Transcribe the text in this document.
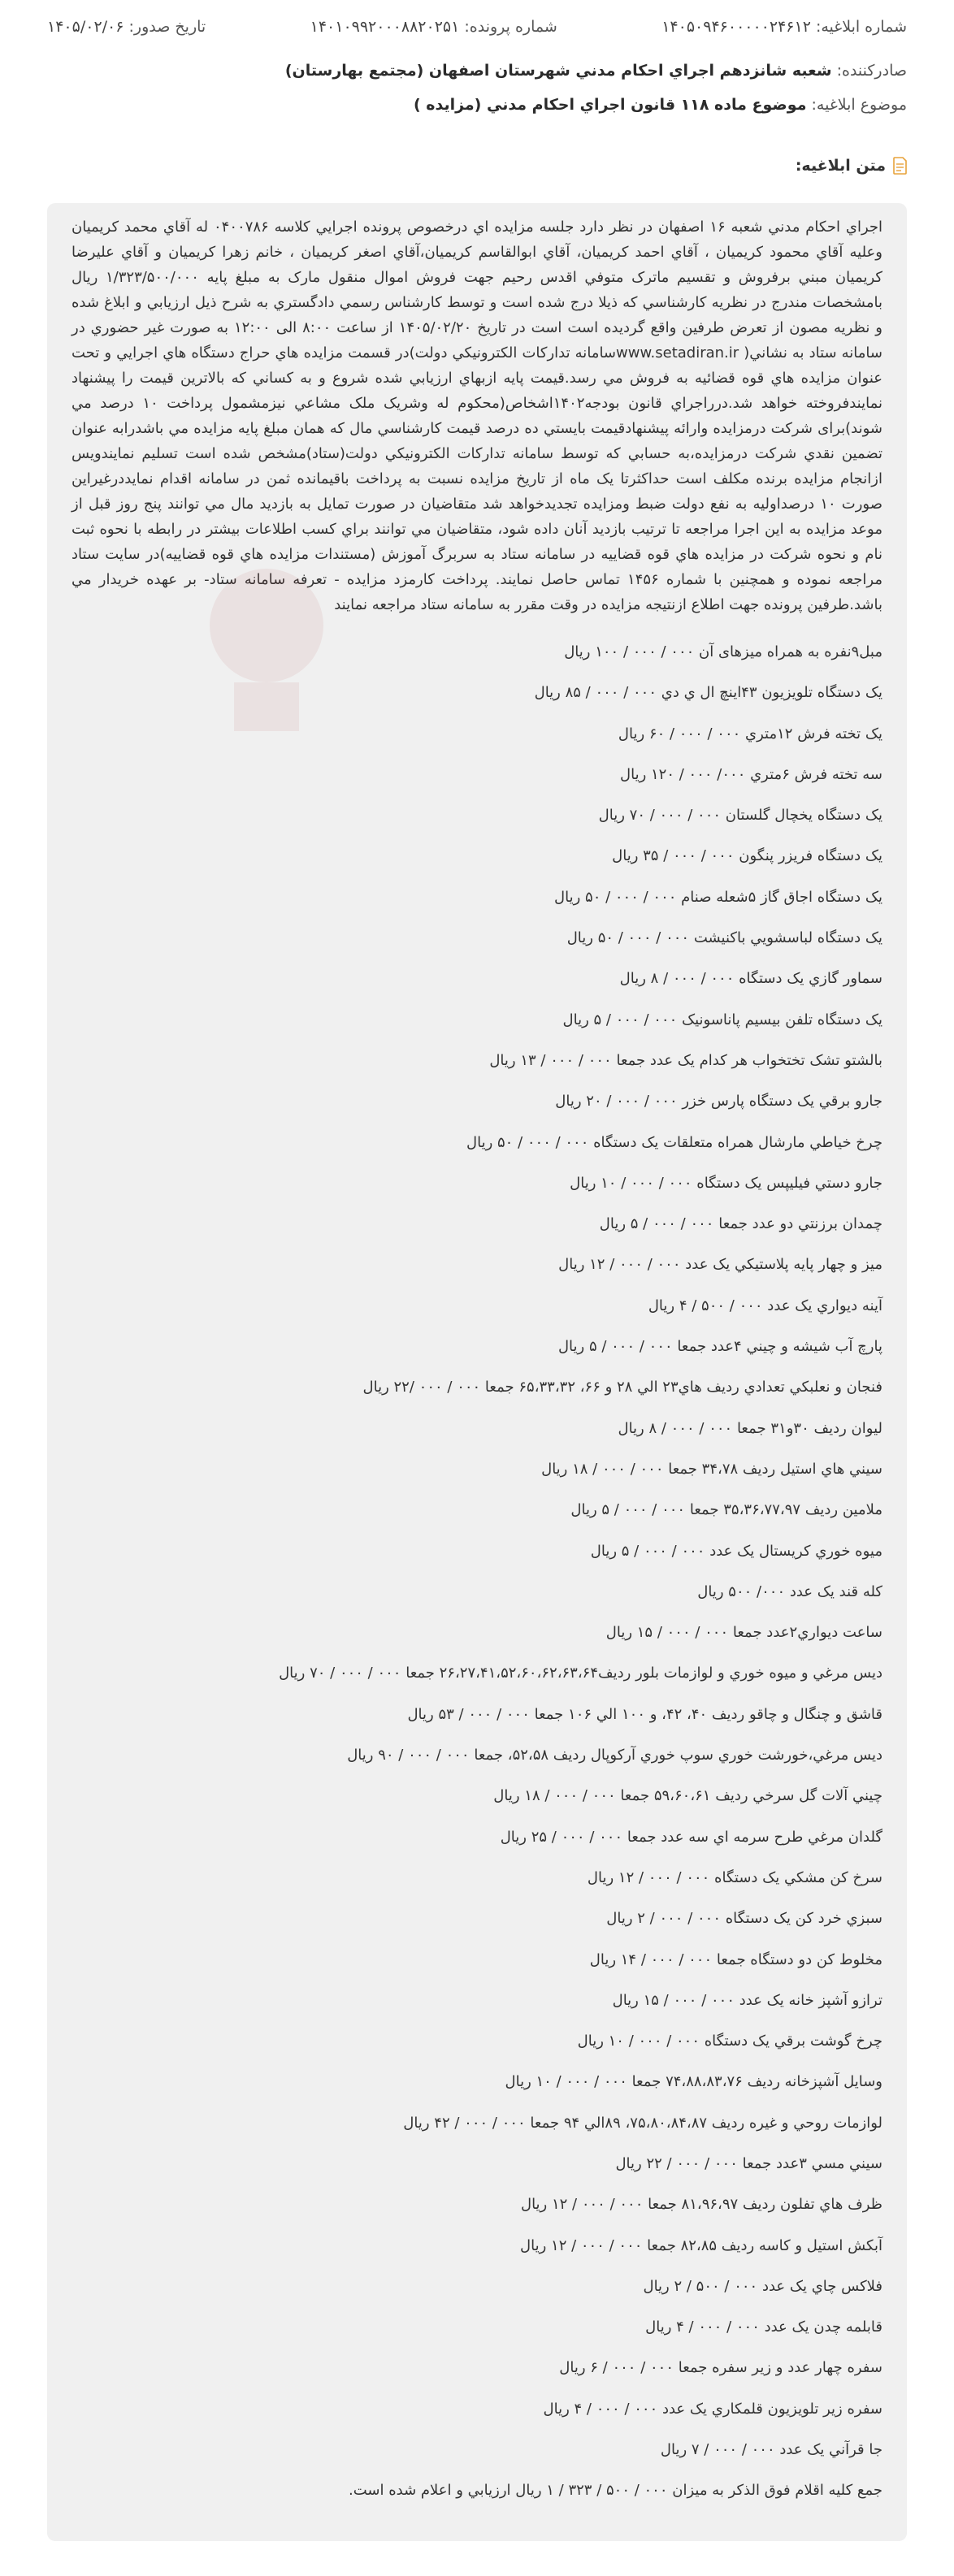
شماره ابلاغیه: ۱۴۰۵۰۹۴۶۰۰۰۰۰۲۴۶۱۲
شماره پرونده: ۱۴۰۱۰۹۹۲۰۰۰۸۸۲۰۲۵۱
تاریخ صدور: ۱۴۰۵/۰۲/۰۶
صادرکننده: شعبه شانزدهم اجراي احکام مدني شهرستان اصفهان (مجتمع بهارستان)
موضوع ابلاغیه: موضوع ماده ۱۱۸ قانون اجراي احکام مدني (مزايده )
متن ابلاغیه:
اجراي احکام مدني شعبه ۱۶ اصفهان در نظر دارد جلسه مزايده اي درخصوص پرونده اجرايي کلاسه ۰۴۰۰۷۸۶ له آقاي محمد کريميان وعليه آقاي محمود کريميان ، آقاي احمد کريميان، آقاي ابوالقاسم کريميان،آقاي اصغر کريميان ، خانم زهرا کريميان و آقاي عليرضا کريميان مبني برفروش و تقسيم ماترک متوفي اقدس رحيم جهت فروش اموال منقول مارک به مبلغ پايه ۱/۳۲۳/۵۰۰/۰۰۰ ريال بامشخصات مندرج در نظريه کارشناسي که ذيلا درج شده است و توسط کارشناس رسمي دادگستري به شرح ذيل ارزيابي و ابلاغ شده و نظريه مصون از تعرض طرفين واقع گرديده است است در تاريخ ۱۴۰۵/۰۲/۲۰ از ساعت ۸:۰۰ الی ۱۲:۰۰ به صورت غير حضوري در سامانه ستاد به نشاني( www.setadiran.irسامانه تدارکات الکترونيکي دولت)در قسمت مزايده هاي حراج دستگاه هاي اجرايي و تحت عنوان مزايده هاي قوه قضائيه به فروش مي رسد.قيمت پايه ازبهاي ارزيابي شده شروع و به کساني که بالاترين قيمت را پيشنهاد نمايندفروخته خواهد شد.درراجراي قانون بودجه۱۴۰۲اشخاص(محکوم له وشريک ملک مشاعي نيزمشمول پرداخت ۱۰ درصد مي شوند)برای شرکت درمزايده وارائه پيشنهادقيمت بايستي ده درصد قيمت کارشناسي مال که همان مبلغ پايه مزايده مي باشدرابه عنوان تضمين نقدي شرکت درمزايده،به حسابي که توسط سامانه تدارکات الکترونيکي دولت(ستاد)مشخص شده است تسليم نمايندويس ازانجام مزايده برنده مکلف است حداکثرتا يک ماه از تاريخ مزايده نسبت به پرداخت باقيمانده ثمن در سامانه اقدام نمايددرغيراين صورت ۱۰ درصداوليه به نفع دولت ضبط ومزايده تجديدخواهد شد متقاضيان در صورت تمايل به بازديد مال مي توانند پنج روز قبل از موعد مزايده به اين اجرا مراجعه تا ترتيب بازديد آنان داده شود، متقاضيان مي توانند براي کسب اطلاعات بيشتر در رابطه با نحوه ثبت نام و نحوه شرکت در مزايده هاي قوه قضاييه در سامانه ستاد به سربرگ آموزش (مستندات مزايده هاي قوه قضاييه)در سايت ستاد مراجعه نموده و همچنين با شماره ۱۴۵۶ تماس حاصل نمايند. پرداخت کارمزد مزايده - تعرفه سامانه ستاد- بر عهده خريدار مي باشد.طرفين پرونده جهت اطلاع ازنتيجه مزايده در وقت مقرر به سامانه ستاد مراجعه نمايند
مبل۹نفره به همراه ميزهای آن ۰۰۰ / ۰۰۰ / ۱۰۰ ريال
يک دستگاه تلويزيون ۴۳اينچ ال ي دي ۰۰۰ / ۰۰۰ / ۸۵ ريال
يک تخته فرش ۱۲متري ۰۰۰ / ۰۰۰ / ۶۰ ريال
سه تخته فرش ۶متري ۰۰۰/ ۰۰۰ / ۱۲۰ ريال
يک دستگاه يخچال گلستان ۰۰۰ / ۰۰۰ / ۷۰ ريال
يک دستگاه فريزر پنگون ۰۰۰ / ۰۰۰ / ۳۵ ريال
يک دستگاه اجاق گاز ۵شعله صنام ۰۰۰ / ۰۰۰ / ۵۰ ريال
يک دستگاه لباسشويي باکنيشت ۰۰۰ / ۰۰۰ / ۵۰ ريال
سماور گازي يک دستگاه ۰۰۰ / ۰۰۰ / ۸ ريال
يک دستگاه تلفن بيسيم پاناسونيک ۰۰۰ / ۰۰۰ / ۵ ريال
بالشتو تشک تختخواب هر کدام يک عدد جمعا ۰۰۰ / ۰۰۰ / ۱۳ ريال
جارو برقي يک دستگاه پارس خزر ۰۰۰ / ۰۰۰ / ۲۰ ريال
چرخ خياطي مارشال همراه متعلقات يک دستگاه ۰۰۰ / ۰۰۰ / ۵۰ ريال
جارو دستي فيليپس يک دستگاه ۰۰۰ / ۰۰۰ / ۱۰ ريال
چمدان برزنتي دو عدد جمعا ۰۰۰ / ۰۰۰ / ۵ ريال
ميز و چهار پايه پلاستيکي يک عدد ۰۰۰ / ۰۰۰ / ۱۲ ريال
آينه ديواري يک عدد ۰۰۰ / ۵۰۰ / ۴ ريال
پارچ آب شيشه و چيني ۴عدد جمعا ۰۰۰ / ۰۰۰ / ۵ ريال
فنجان و نعلبکي تعدادي رديف هاي۲۳ الي ۲۸ و ۶۶، ۶۵،۳۳،۳۲ جمعا ۰۰۰ / ۰۰۰ /۲۲ ريال
ليوان رديف ۳۰و۳۱ جمعا ۰۰۰ / ۰۰۰ / ۸ ريال
سيني هاي استيل رديف ۳۴،۷۸ جمعا ۰۰۰ / ۰۰۰ / ۱۸ ريال
ملامين رديف ۳۵،۳۶،۷۷،۹۷ جمعا ۰۰۰ / ۰۰۰ / ۵ ريال
ميوه خوري کريستال يک عدد ۰۰۰ / ۰۰۰ / ۵ ريال
کله قند يک عدد ۰۰۰/ ۵۰۰ ريال
ساعت ديواري۲عدد جمعا ۰۰۰ / ۰۰۰ / ۱۵ ريال
ديس مرغي و ميوه خوري و لوازمات بلور رديف۲۶،۲۷،۴۱،۵۲،۶۰،۶۲،۶۳،۶۴ جمعا ۰۰۰ / ۰۰۰ / ۷۰ ريال
قاشق و چنگال و چاقو رديف ۴۰، ۴۲، و ۱۰۰ الي ۱۰۶ جمعا ۰۰۰ / ۰۰۰ / ۵۳ ريال
ديس مرغي،خورشت خوري سوپ خوري آرکوپال رديف ۵۲،۵۸، جمعا ۰۰۰ / ۰۰۰ / ۹۰ ريال
چيني آلات گل سرخي رديف ۵۹،۶۰،۶۱ جمعا ۰۰۰ / ۰۰۰ / ۱۸ ريال
گلدان مرغي طرح سرمه اي سه عدد جمعا ۰۰۰ / ۰۰۰ / ۲۵ ريال
سرخ کن مشکي يک دستگاه ۰۰۰ / ۰۰۰ / ۱۲ ريال
سبزي خرد کن يک دستگاه ۰۰۰ / ۰۰۰ / ۲ ريال
مخلوط کن دو دستگاه جمعا ۰۰۰ / ۰۰۰ / ۱۴ ريال
ترازو آشپز خانه يک عدد ۰۰۰ / ۰۰۰ / ۱۵ ريال
چرخ گوشت برقي يک دستگاه ۰۰۰ / ۰۰۰ / ۱۰ ريال
وسايل آشپزخانه رديف ۷۴،۸۸،۸۳،۷۶ جمعا ۰۰۰ / ۰۰۰ / ۱۰ ريال
لوازمات روحي و غيره رديف ۷۵،۸۰،۸۴،۸۷، ۸۹الي ۹۴ جمعا ۰۰۰ / ۰۰۰ / ۴۲ ريال
سيني مسي ۳عدد جمعا ۰۰۰ / ۰۰۰ / ۲۲ ريال
ظرف هاي تفلون رديف ۸۱،۹۶،۹۷ جمعا ۰۰۰ / ۰۰۰ / ۱۲ ريال
آبکش استيل و کاسه رديف ۸۲،۸۵ جمعا ۰۰۰ / ۰۰۰ / ۱۲ ريال
فلاکس چاي يک عدد ۰۰۰ / ۵۰۰ / ۲ ريال
قابلمه چدن يک عدد ۰۰۰ / ۰۰۰ / ۴ ريال
سفره چهار عدد و زير سفره جمعا ۰۰۰ / ۰۰۰ / ۶ ريال
سفره زير تلويزيون قلمکاري يک عدد ۰۰۰ / ۰۰۰ / ۴ ريال
جا قرآني يک عدد ۰۰۰ / ۰۰۰ / ۷ ريال
جمع کليه اقلام فوق الذکر به ميزان ۰۰۰ / ۵۰۰ / ۳۲۳ / ۱ ريال ارزيابي و اعلام شده است.
